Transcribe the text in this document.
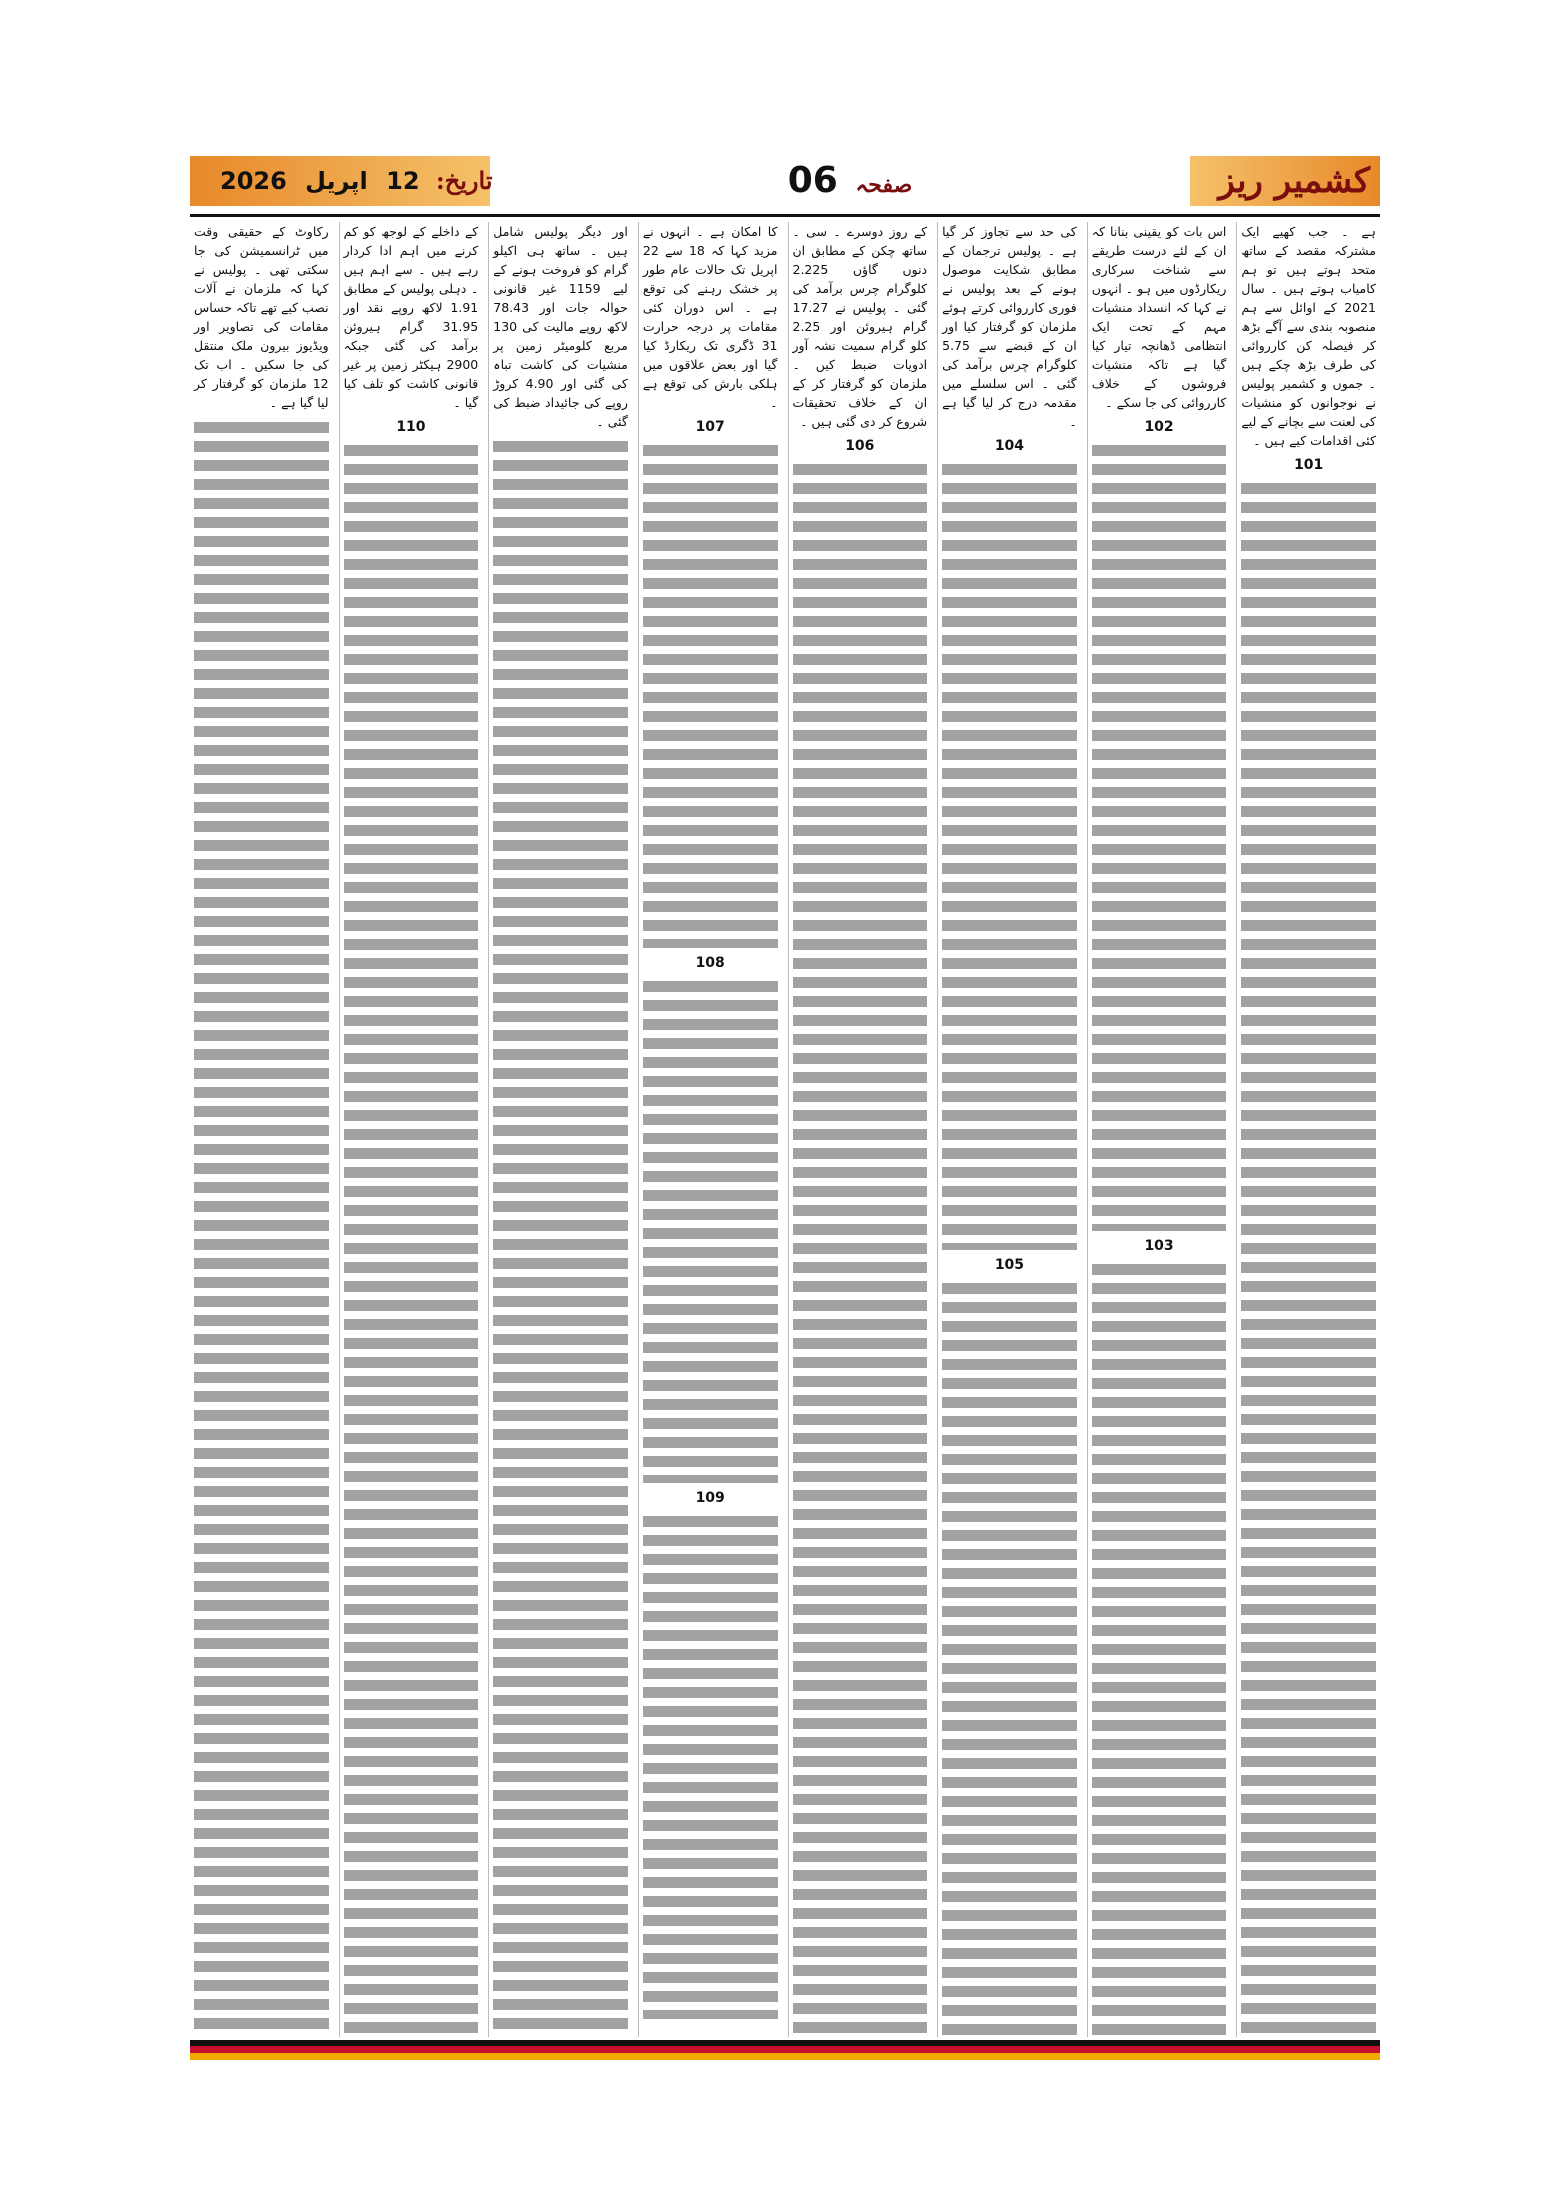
کشمیر ریز
صفحہ 06
تاریخ: 12 اپریل 2026

ہے ۔ جب کھیے ایک مشترکہ مقصد کے ساتھ متحد ہوتے ہیں تو ہم کامیاب ہوتے ہیں ۔ سال 2021 کے اوائل سے ہم منصوبہ بندی سے آگے بڑھ کر فیصلہ کن کارروائی کی طرف بڑھ چکے ہیں ۔ جموں و کشمیر پولیس نے نوجوانوں کو منشیات کی لعنت سے بچانے کے لیے کئی اقدامات کیے ہیں ۔

101

اس بات کو یقینی بنانا کہ ان کے لئے درست طریقے سے شناخت سرکاری ریکارڈوں میں ہو ۔ انہوں نے کہا کہ انسداد منشیات مہم کے تحت ایک انتظامی ڈھانچہ تیار کیا گیا ہے تاکہ منشیات فروشوں کے خلاف کارروائی کی جا سکے ۔

102
103

کی حد سے تجاوز کر گیا ہے ۔ پولیس ترجمان کے مطابق شکایت موصول ہونے کے بعد پولیس نے فوری کارروائی کرتے ہوئے ملزمان کو گرفتار کیا اور ان کے قبضے سے 5.75 کلوگرام چرس برآمد کی گئی ۔ اس سلسلے میں مقدمہ درج کر لیا گیا ہے ۔

104
105

کے روز دوسرے ۔ سی ۔ ساتھ چکن کے مطابق ان دنوں گاؤں 2.225 کلوگرام چرس برآمد کی گئی ۔ پولیس نے 17.27 گرام ہیروئن اور 2.25 کلو گرام سمیت نشہ آور ادویات ضبط کیں ۔ ملزمان کو گرفتار کر کے ان کے خلاف تحقیقات شروع کر دی گئی ہیں ۔

106

کا امکان ہے ۔ انہوں نے مزید کہا کہ 18 سے 22 اپریل تک حالات عام طور پر خشک رہنے کی توقع ہے ۔ اس دوران کئی مقامات پر درجہ حرارت 31 ڈگری تک ریکارڈ کیا گیا اور بعض علاقوں میں ہلکی بارش کی توقع ہے ۔

107
108
109

اور دیگر پولیس شامل ہیں ۔ ساتھ ہی اکیلو گرام کو فروخت ہونے کے لیے 1159 غیر قانونی حوالہ جات اور 78.43 لاکھ روپے مالیت کی 130 مربع کلومیٹر زمین پر منشیات کی کاشت تباہ کی گئی اور 4.90 کروڑ روپے کی جائیداد ضبط کی گئی ۔

کے داخلے کے لوجھ کو کم کرنے میں اہم ادا کردار رہے ہیں ۔ سے اہم ہیں ۔ دہلی پولیس کے مطابق 1.91 لاکھ روپے نقد اور 31.95 گرام ہیروئن برآمد کی گئی جبکہ 2900 ہیکٹر زمین پر غیر قانونی کاشت کو تلف کیا گیا ۔

110

رکاوٹ کے حقیقی وقت میں ٹرانسمیشن کی جا سکتی تھی ۔ پولیس نے کہا کہ ملزمان نے آلات نصب کیے تھے تاکہ حساس مقامات کی تصاویر اور ویڈیوز بیرون ملک منتقل کی جا سکیں ۔ اب تک 12 ملزمان کو گرفتار کر لیا گیا ہے ۔
